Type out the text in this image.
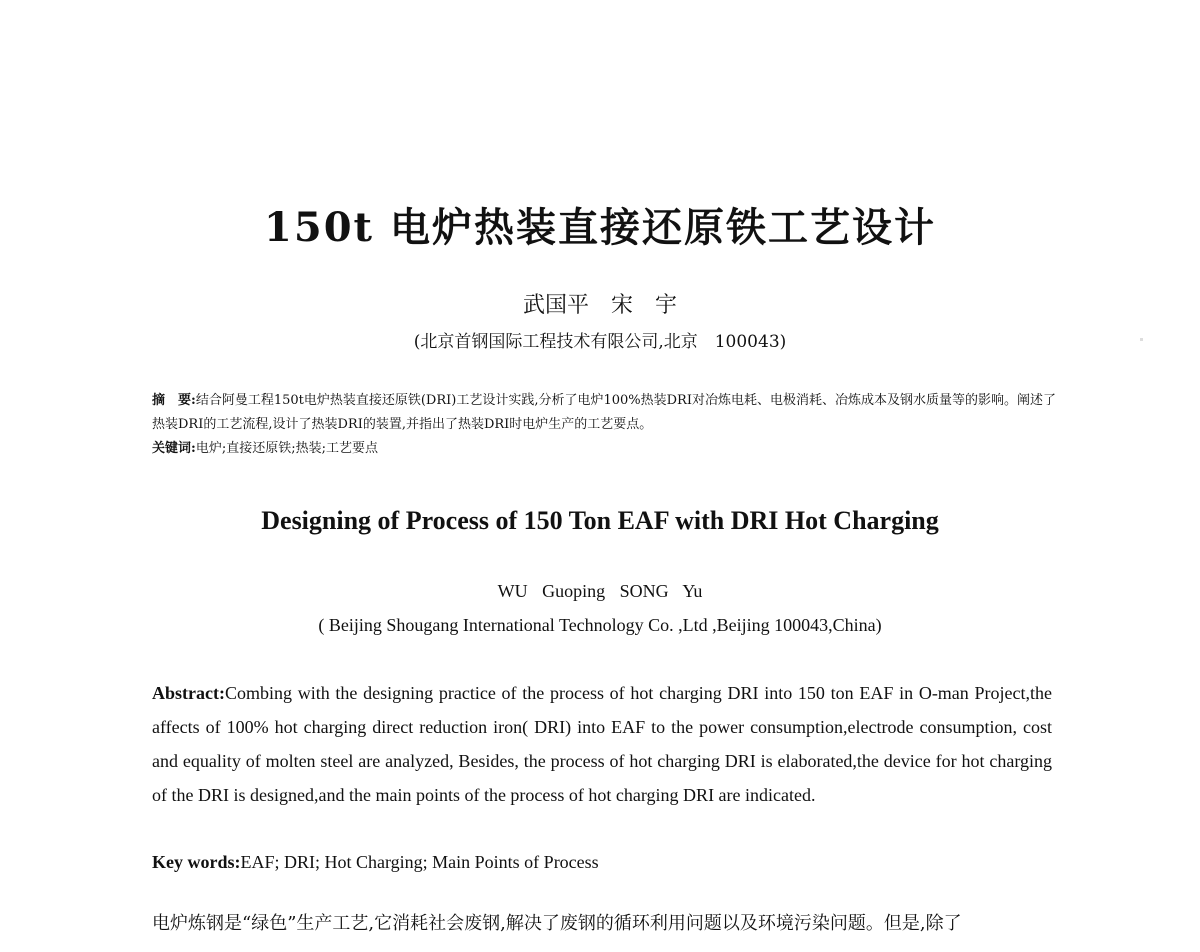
150t 电炉热装直接还原铁工艺设计
武国平　宋　宇
(北京首钢国际工程技术有限公司,北京　100043)
摘　要:结合阿曼工程150t电炉热装直接还原铁(DRI)工艺设计实践,分析了电炉100%热装DRI对冶炼电耗、电极消耗、冶炼成本及钢水质量等的影响。阐述了热装DRI的工艺流程,设计了热装DRI的装置,并指出了热装DRI时电炉生产的工艺要点。
关键词:电炉;直接还原铁;热装;工艺要点
Designing of Process of 150 Ton EAF with DRI Hot Charging
WU Guoping SONG Yu
( Beijing Shougang International Technology Co. ,Ltd ,Beijing 100043,China)
Abstract:Combing with the designing practice of the process of hot charging DRI into 150 ton EAF in O-man Project,the affects of 100% hot charging direct reduction iron( DRI) into EAF to the power consumption,electrode consumption, cost and equality of molten steel are analyzed, Besides, the process of hot charging DRI is elaborated,the device for hot charging of the DRI is designed,and the main points of the process of hot charging DRI are indicated.
Key words:EAF; DRI; Hot Charging; Main Points of Process
电炉炼钢是“绿色”生产工艺,它消耗社会废钢,解决了废钢的循环利用问题以及环境污染问题。但是,除了
